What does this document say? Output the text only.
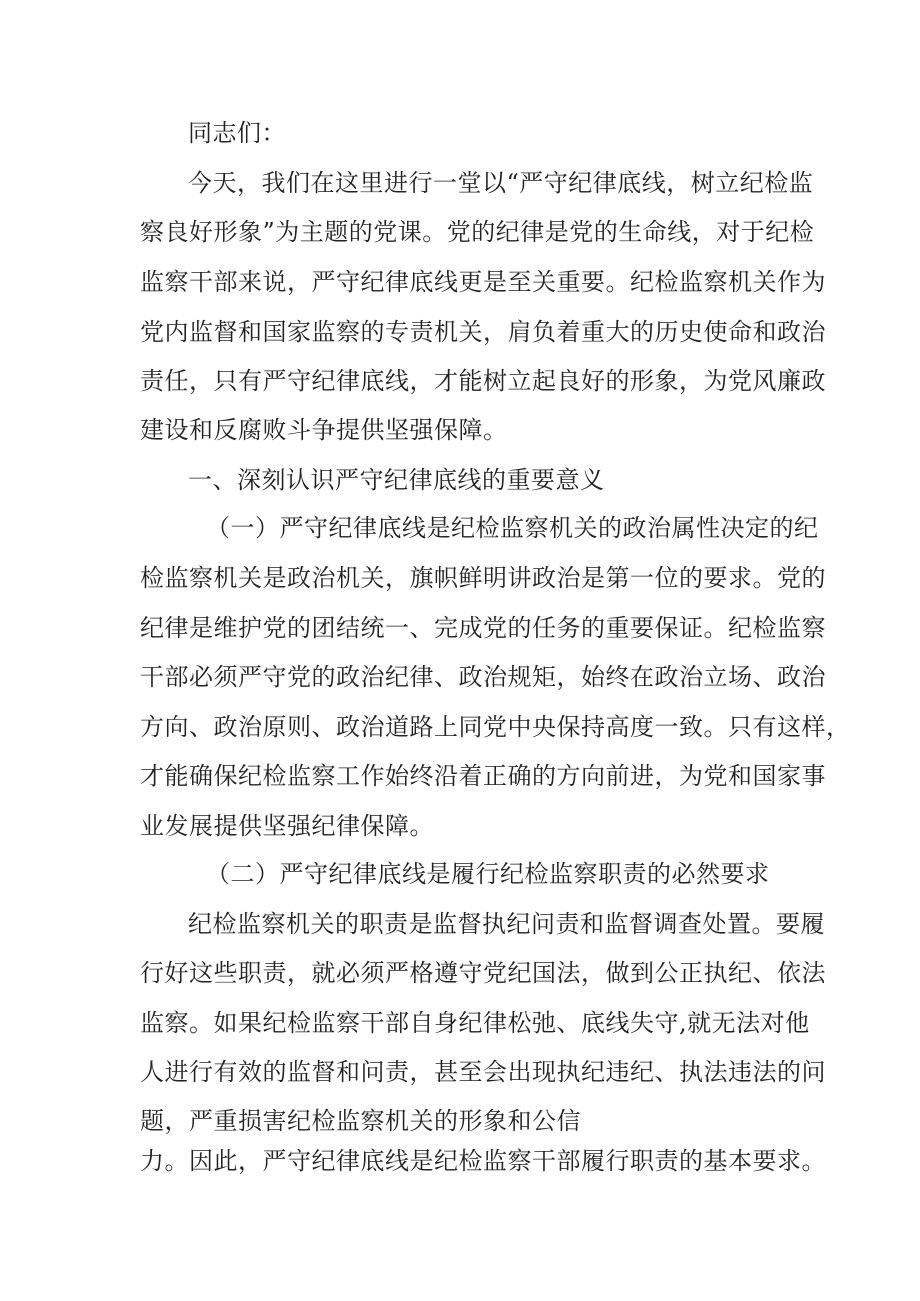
同志们：
今天，我们在这里进行一堂以“严守纪律底线，树立纪检监
察良好形象”为主题的党课。党的纪律是党的生命线，对于纪检
监察干部来说，严守纪律底线更是至关重要。纪检监察机关作为
党内监督和国家监察的专责机关，肩负着重大的历史使命和政治
责任，只有严守纪律底线，才能树立起良好的形象，为党风廉政
建设和反腐败斗争提供坚强保障。
一、深刻认识严守纪律底线的重要意义
（一）严守纪律底线是纪检监察机关的政治属性决定的纪
检监察机关是政治机关，旗帜鲜明讲政治是第一位的要求。党的
纪律是维护党的团结统一、完成党的任务的重要保证。纪检监察
干部必须严守党的政治纪律、政治规矩，始终在政治立场、政治
方向、政治原则、政治道路上同党中央保持高度一致。只有这样，
才能确保纪检监察工作始终沿着正确的方向前进，为党和国家事
业发展提供坚强纪律保障。
（二）严守纪律底线是履行纪检监察职责的必然要求
纪检监察机关的职责是监督执纪问责和监督调查处置。要履
行好这些职责，就必须严格遵守党纪国法，做到公正执纪、依法
监察。如果纪检监察干部自身纪律松弛、底线失守,就无法对他
人进行有效的监督和问责，甚至会出现执纪违纪、执法违法的问
题，严重损害纪检监察机关的形象和公信
力。因此，严守纪律底线是纪检监察干部履行职责的基本要求。
